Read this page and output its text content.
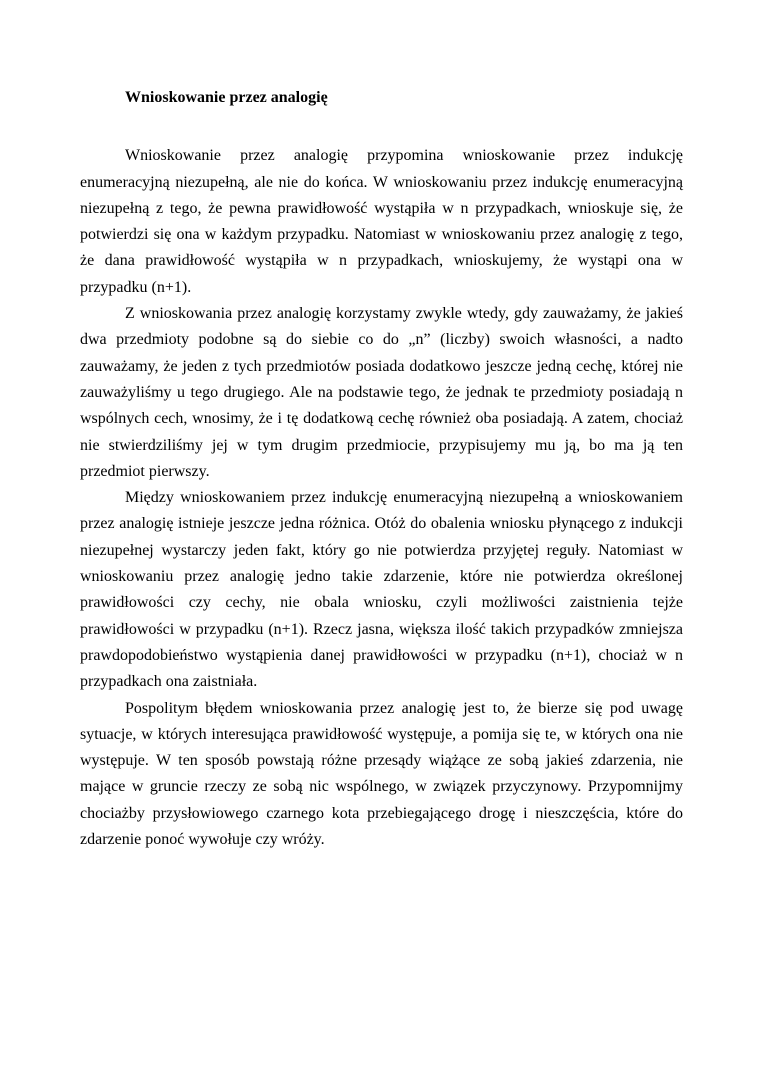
Wnioskowanie przez analogię

Wnioskowanie przez analogię przypomina wnioskowanie przez indukcję enumeracyjną niezupełną, ale nie do końca. W wnioskowaniu przez indukcję enumeracyjną niezupełną z tego, że pewna prawidłowość wystąpiła w n przypadkach, wnioskuje się, że potwierdzi się ona w każdym przypadku. Natomiast w wnioskowaniu przez analogię z tego, że dana prawidłowość wystąpiła w n przypadkach, wnioskujemy, że wystąpi ona w przypadku (n+1).

Z wnioskowania przez analogię korzystamy zwykle wtedy, gdy zauważamy, że jakieś dwa przedmioty podobne są do siebie co do „n” (liczby) swoich własności, a nadto zauważamy, że jeden z tych przedmiotów posiada dodatkowo jeszcze jedną cechę, której nie zauważyliśmy u tego drugiego. Ale na podstawie tego, że jednak te przedmioty posiadają n wspólnych cech, wnosimy, że i tę dodatkową cechę również oba posiadają. A zatem, chociaż nie stwierdziliśmy jej w tym drugim przedmiocie, przypisujemy mu ją, bo ma ją ten przedmiot pierwszy.

Między wnioskowaniem przez indukcję enumeracyjną niezupełną a wnioskowaniem przez analogię istnieje jeszcze jedna różnica. Otóż do obalenia wniosku płynącego z indukcji niezupełnej wystarczy jeden fakt, który go nie potwierdza przyjętej reguły. Natomiast w wnioskowaniu przez analogię jedno takie zdarzenie, które nie potwierdza określonej prawidłowości czy cechy, nie obala wniosku, czyli możliwości zaistnienia tejże prawidłowości w przypadku (n+1). Rzecz jasna, większa ilość takich przypadków zmniejsza prawdopodobieństwo wystąpienia danej prawidłowości w przypadku (n+1), chociaż w n przypadkach ona zaistniała.

Pospolitym błędem wnioskowania przez analogię jest to, że bierze się pod uwagę sytuacje, w których interesująca prawidłowość występuje, a pomija się te, w których ona nie występuje. W ten sposób powstają różne przesądy wiążące ze sobą jakieś zdarzenia, nie mające w gruncie rzeczy ze sobą nic wspólnego, w związek przyczynowy. Przypomnijmy chociażby przysłowiowego czarnego kota przebiegającego drogę i nieszczęścia, które do zdarzenie ponoć wywołuje czy wróży.
